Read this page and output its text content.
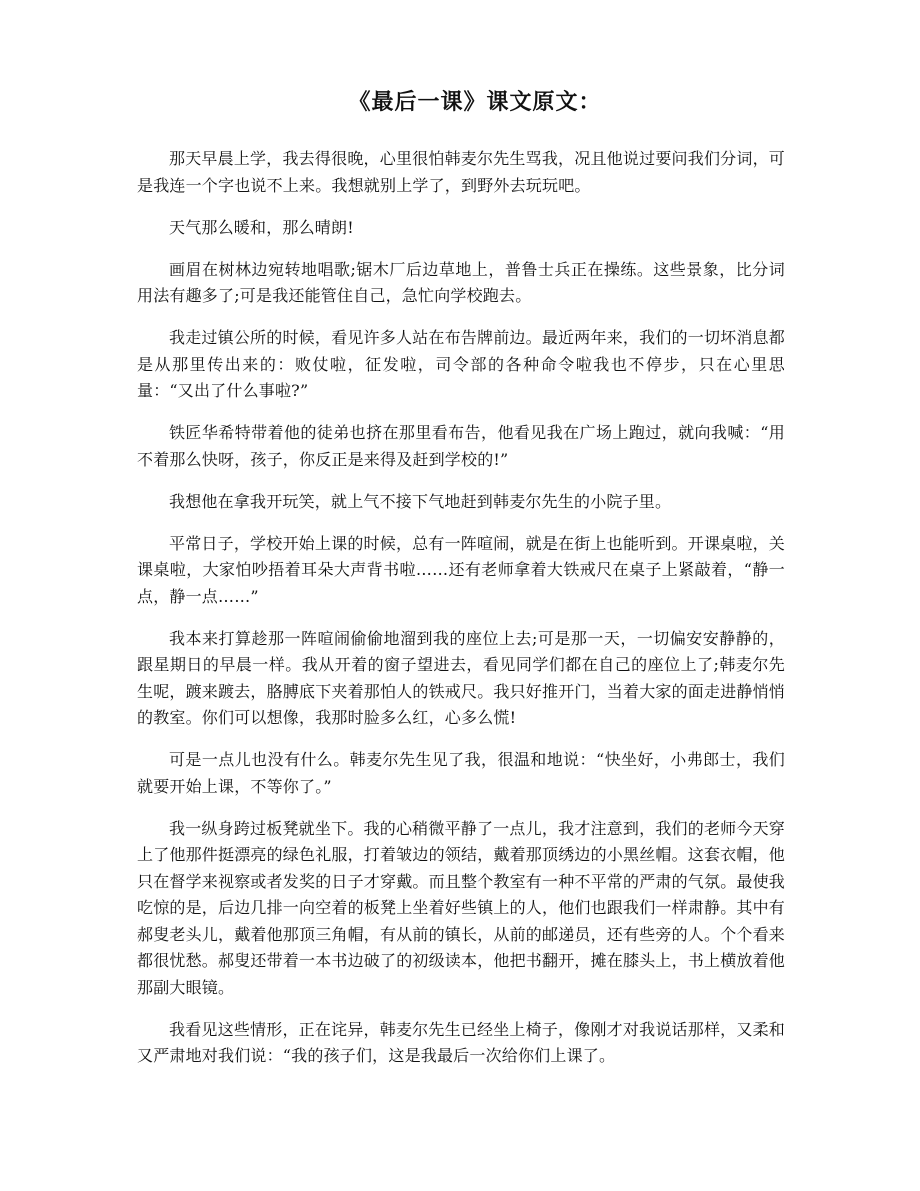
《最后一课》课文原文：

那天早晨上学，我去得很晚，心里很怕韩麦尔先生骂我，况且他说过要问我们分词，可是我连一个字也说不上来。我想就别上学了，到野外去玩玩吧。

天气那么暖和，那么晴朗!

画眉在树林边宛转地唱歌;锯木厂后边草地上，普鲁士兵正在操练。这些景象，比分词用法有趣多了;可是我还能管住自己，急忙向学校跑去。

我走过镇公所的时候，看见许多人站在布告牌前边。最近两年来，我们的一切坏消息都是从那里传出来的：败仗啦，征发啦，司令部的各种命令啦我也不停步，只在心里思量：“又出了什么事啦?”

铁匠华希特带着他的徒弟也挤在那里看布告，他看见我在广场上跑过，就向我喊：“用不着那么快呀，孩子，你反正是来得及赶到学校的!”

我想他在拿我开玩笑，就上气不接下气地赶到韩麦尔先生的小院子里。

平常日子，学校开始上课的时候，总有一阵喧闹，就是在街上也能听到。开课桌啦，关课桌啦，大家怕吵捂着耳朵大声背书啦……还有老师拿着大铁戒尺在桌子上紧敲着，“静一点，静一点……”

我本来打算趁那一阵喧闹偷偷地溜到我的座位上去;可是那一天，一切偏安安静静的，跟星期日的早晨一样。我从开着的窗子望进去，看见同学们都在自己的座位上了;韩麦尔先生呢，踱来踱去，胳膊底下夹着那怕人的铁戒尺。我只好推开门，当着大家的面走进静悄悄的教室。你们可以想像，我那时脸多么红，心多么慌!

可是一点儿也没有什么。韩麦尔先生见了我，很温和地说：“快坐好，小弗郎士，我们就要开始上课，不等你了。”

我一纵身跨过板凳就坐下。我的心稍微平静了一点儿，我才注意到，我们的老师今天穿上了他那件挺漂亮的绿色礼服，打着皱边的领结，戴着那顶绣边的小黑丝帽。这套衣帽，他只在督学来视察或者发奖的日子才穿戴。而且整个教室有一种不平常的严肃的气氛。最使我吃惊的是，后边几排一向空着的板凳上坐着好些镇上的人，他们也跟我们一样肃静。其中有郝叟老头儿，戴着他那顶三角帽，有从前的镇长，从前的邮递员，还有些旁的人。个个看来都很忧愁。郝叟还带着一本书边破了的初级读本，他把书翻开，摊在膝头上，书上横放着他那副大眼镜。

我看见这些情形，正在诧异，韩麦尔先生已经坐上椅子，像刚才对我说话那样，又柔和又严肃地对我们说：“我的孩子们，这是我最后一次给你们上课了。
